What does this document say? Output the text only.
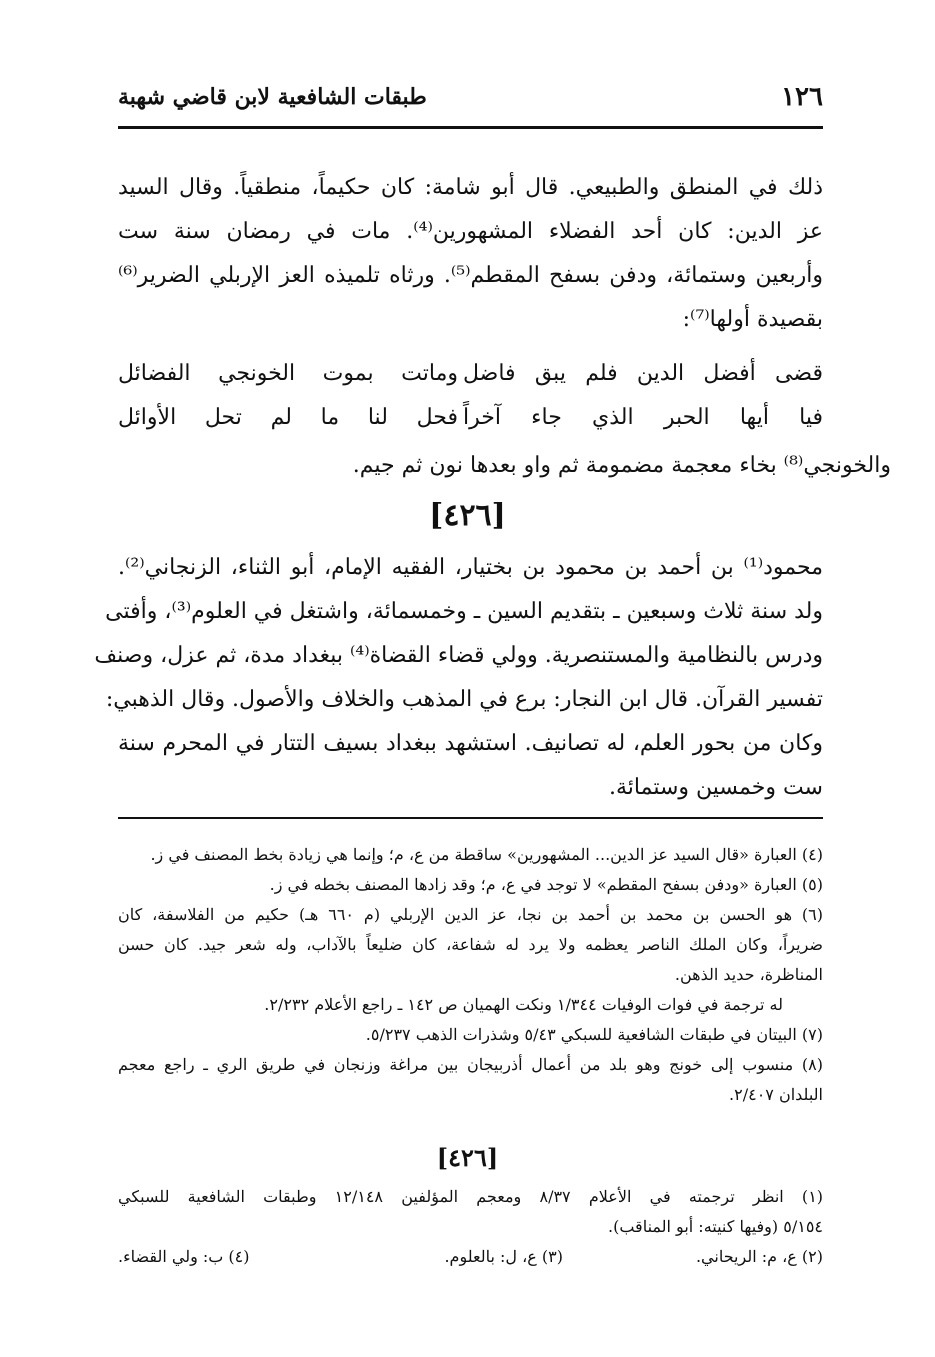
١٢٦
طبقات الشافعية لابن قاضي شهبة
ذلك في المنطق والطبيعي. قال أبو شامة: كان حكيماً، منطقياً. وقال السيد
عز الدين: كان أحد الفضلاء المشهورين⁽⁴⁾. مات في رمضان سنة ست
وأربعين وستمائة، ودفن بسفح المقطم⁽⁵⁾. ورثاه تلميذه العز الإربلي الضرير⁽⁶⁾
بقصيدة أولها⁽⁷⁾:
قضى أفضل الدين فلم يبق فاضل
وماتت بموت الخونجي الفضائل
فيا أيها الحبر الذي جاء آخراً
فحل لنا ما لم تحل الأوائل
والخونجي⁽⁸⁾ بخاء معجمة مضمومة ثم واو بعدها نون ثم جيم.
[٤٢٦]
محمود⁽¹⁾ بن أحمد بن محمود بن بختيار، الفقيه الإمام، أبو الثناء، الزنجاني⁽²⁾.
ولد سنة ثلاث وسبعين ـ بتقديم السين ـ وخمسمائة، واشتغل في العلوم⁽³⁾، وأفتى
ودرس بالنظامية والمستنصرية. وولي قضاء القضاة⁽⁴⁾ ببغداد مدة، ثم عزل، وصنف
تفسير القرآن. قال ابن النجار: برع في المذهب والخلاف والأصول. وقال الذهبي:
وكان من بحور العلم، له تصانيف. استشهد ببغداد بسيف التتار في المحرم سنة
ست وخمسين وستمائة.
(٤) العبارة «قال السيد عز الدين... المشهورين» ساقطة من ع، م؛ وإنما هي زيادة بخط المصنف في ز.
(٥) العبارة «ودفن بسفح المقطم» لا توجد في ع، م؛ وقد زادها المصنف بخطه في ز.
(٦) هو الحسن بن محمد بن أحمد بن نجا، عز الدين الإربلي (م ٦٦٠ هـ) حكيم من الفلاسفة، كان
ضريراً، وكان الملك الناصر يعظمه ولا يرد له شفاعة، كان ضليعاً بالآداب، وله شعر جيد. كان حسن
المناظرة، حديد الذهن.
له ترجمة في فوات الوفيات ١/٣٤٤ ونكت الهميان ص ١٤٢ ـ راجع الأعلام ٢/٢٣٢.
(٧) البيتان في طبقات الشافعية للسبكي ٥/٤٣ وشذرات الذهب ٥/٢٣٧.
(٨) منسوب إلى خونج وهو بلد من أعمال أذربيجان بين مراغة وزنجان في طريق الري ـ راجع معجم
البلدان ٢/٤٠٧.
[٤٢٦]
(١) انظر ترجمته في الأعلام ٨/٣٧ ومعجم المؤلفين ١٢/١٤٨ وطبقات الشافعية للسبكي
٥/١٥٤ (وفيها كنيته: أبو المناقب).
(٢) ع، م: الريحاني.
(٣) ع، ل: بالعلوم.
(٤) ب: ولي القضاء.
